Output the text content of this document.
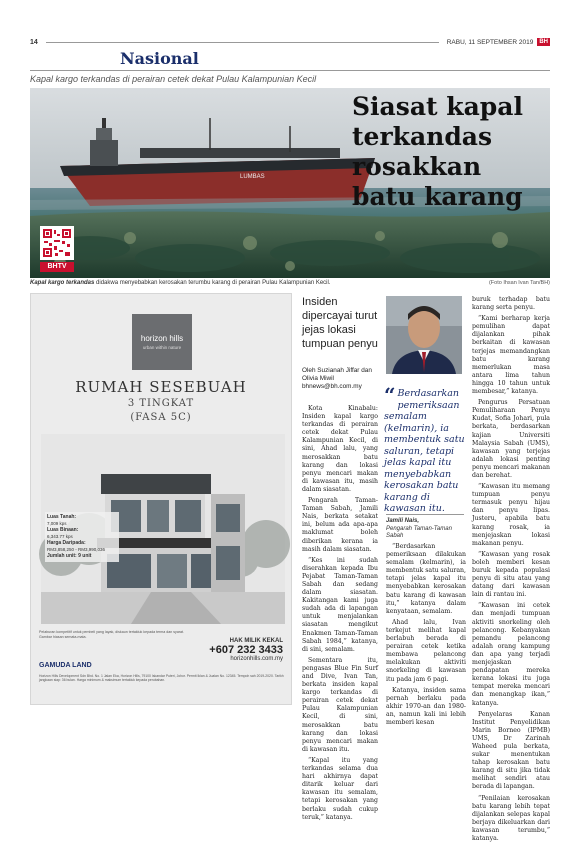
14	RABU, 11 SEPTEMBER 2019	BH
Nasional
Kapal kargo terkandas di perairan cetek dekat Pulau Kalampunian Kecil
LUMBAS
Siasat kapal terkandas rosakkan batu karang
BHTV
Kapal kargo terkandas didakwa menyebabkan kerosakan terumbu karang di perairan Pulau Kalampunian Kecil.	(Foto Ihsan Ivan Tan/BH)
horizon hills
urban within nature
RUMAH SESEBUAH
3 TINGKAT
(FASA 5C)
Luas Tanah:
7,009 kps
Luas Binaan:
6,343.77 kps
Harga Daripada:
RM3,858,250 - RM3,990,036
Jumlah unit: 9 unit
Pelaburan kompetitif untuk pembeli yang layak, diskaun tertakluk kepada terma dan syarat. Gambar hiasan semata-mata.
HAK MILIK KEKAL
+607 232 3433
horizonhills.com.my
GAMUDA LAND
Horizon Hills Development Sdn Bhd. No. 1 Jalan Eka, Horizon Hills, 79100 Iskandar Puteri, Johor. Permit Iklan & Jualan No. 12345. Tempoh sah 2019-2020. Tarikh jangkaan siap: 36 bulan. Harga minimum & maksimum tertakluk kepada perubahan.
Insiden dipercayai turut jejas lokasi tumpuan penyu
Oleh Suzianah Jiffar dan Olivia Miwil bhnews@bh.com.my

Kota Kinabalu: Insiden kapal kargo terkandas di perairan cetek dekat Pulau Kalampunian Kecil, di sini, Ahad lalu, yang merosakkan batu karang dan lokasi penyu mencari makan di kawasan itu, masih dalam siasatan.

Pengarah Taman-Taman Sabah, Jamili Nais, berkata setakat ini, belum ada apa-apa maklumat boleh diberikan kerana ia masih dalam siasatan.

“Kes ini sudah diserahkan kepada Ibu Pejabat Taman-Taman Sabah dan sedang dalam siasatan. Kakitangan kami juga sudah ada di lapangan untuk menjalankan siasatan mengikut Enakmen Taman-Taman Sabah 1984,” katanya, di sini, semalam.

Sementara itu, pengasas Blue Fin Surf and Dive, Ivan Tan, berkata insiden kapal kargo terkandas di perairan cetek dekat Pulau Kalampunian Kecil, di sini, merosakkan batu karang dan lokasi penyu mencari makan di kawasan itu.

“Kapal itu yang terkandas selama dua hari akhirnya dapat ditarik keluar dari kawasan itu semalam, tetapi kerosakan yang berlaku sudah cukup teruk,” katanya.

“ Berdasarkan pemeriksaan semalam (kelmarin), ia membentuk satu saluran, tetapi jelas kapal itu menyebabkan kerosakan batu karang di kawasan itu.
Jamili Nais,
Pengarah Taman-Taman Sabah

“Berdasarkan pemeriksaan dilakukan semalam (kelmarin), ia membentuk satu saluran, tetapi jelas kapal itu menyebabkan kerosakan batu karang di kawasan itu,” katanya dalam kenyataan, semalam.

Ahad lalu, Ivan terkejut melihat kapal berlabuh berada di perairan cetek ketika membawa pelancong melakukan aktiviti snorkeling di kawasan itu pada jam 6 pagi.

Katanya, insiden sama pernah berlaku pada akhir 1970-an dan 1980-an, namun kali ini lebih memberi kesan

buruk terhadap batu karang serta penyu.

“Kami berharap kerja pemulihan dapat dijalankan pihak berkaitan di kawasan terjejas memandangkan batu karang memerlukan masa antara lima tahun hingga 10 tahun untuk membesar,” katanya.

Pengurus Persatuan Pemuliharaan Penyu Kudat, Sofia Johari, pula berkata, berdasarkan kajian Universiti Malaysia Sabah (UMS), kawasan yang terjejas adalah lokasi penting penyu mencari makanan dan berehat.

“Kawasan itu memang tumpuan penyu termasuk penyu hijau dan penyu lipas. Justeru, apabila batu karang rosak, ia menjejaskan lokasi makanan penyu.

“Kawasan yang rosak boleh memberi kesan buruk kepada populasi penyu di situ atau yang datang dari kawasan lain di rantau ini.

“Kawasan ini cetek dan menjadi tumpuan aktiviti snorkeling oleh pelancong. Kebanyakan pemandu pelancong adalah orang kampung dan apa yang terjadi menjejaskan pendapatan mereka kerana lokasi itu juga tempat mereka mencari dan menangkap ikan,” katanya.

Penyelaras Kanan Institut Penyelidikan Marin Borneo (IPMB) UMS, Dr Zarinah Waheed pula berkata, sukar menentukan tahap kerosakan batu karang di situ jika tidak melihat sendiri atau berada di lapangan.

“Penilaian kerosakan batu karang lebih tepat dijalankan selepas kapal berjaya dikeluarkan dari kawasan terumbu,” katanya.
